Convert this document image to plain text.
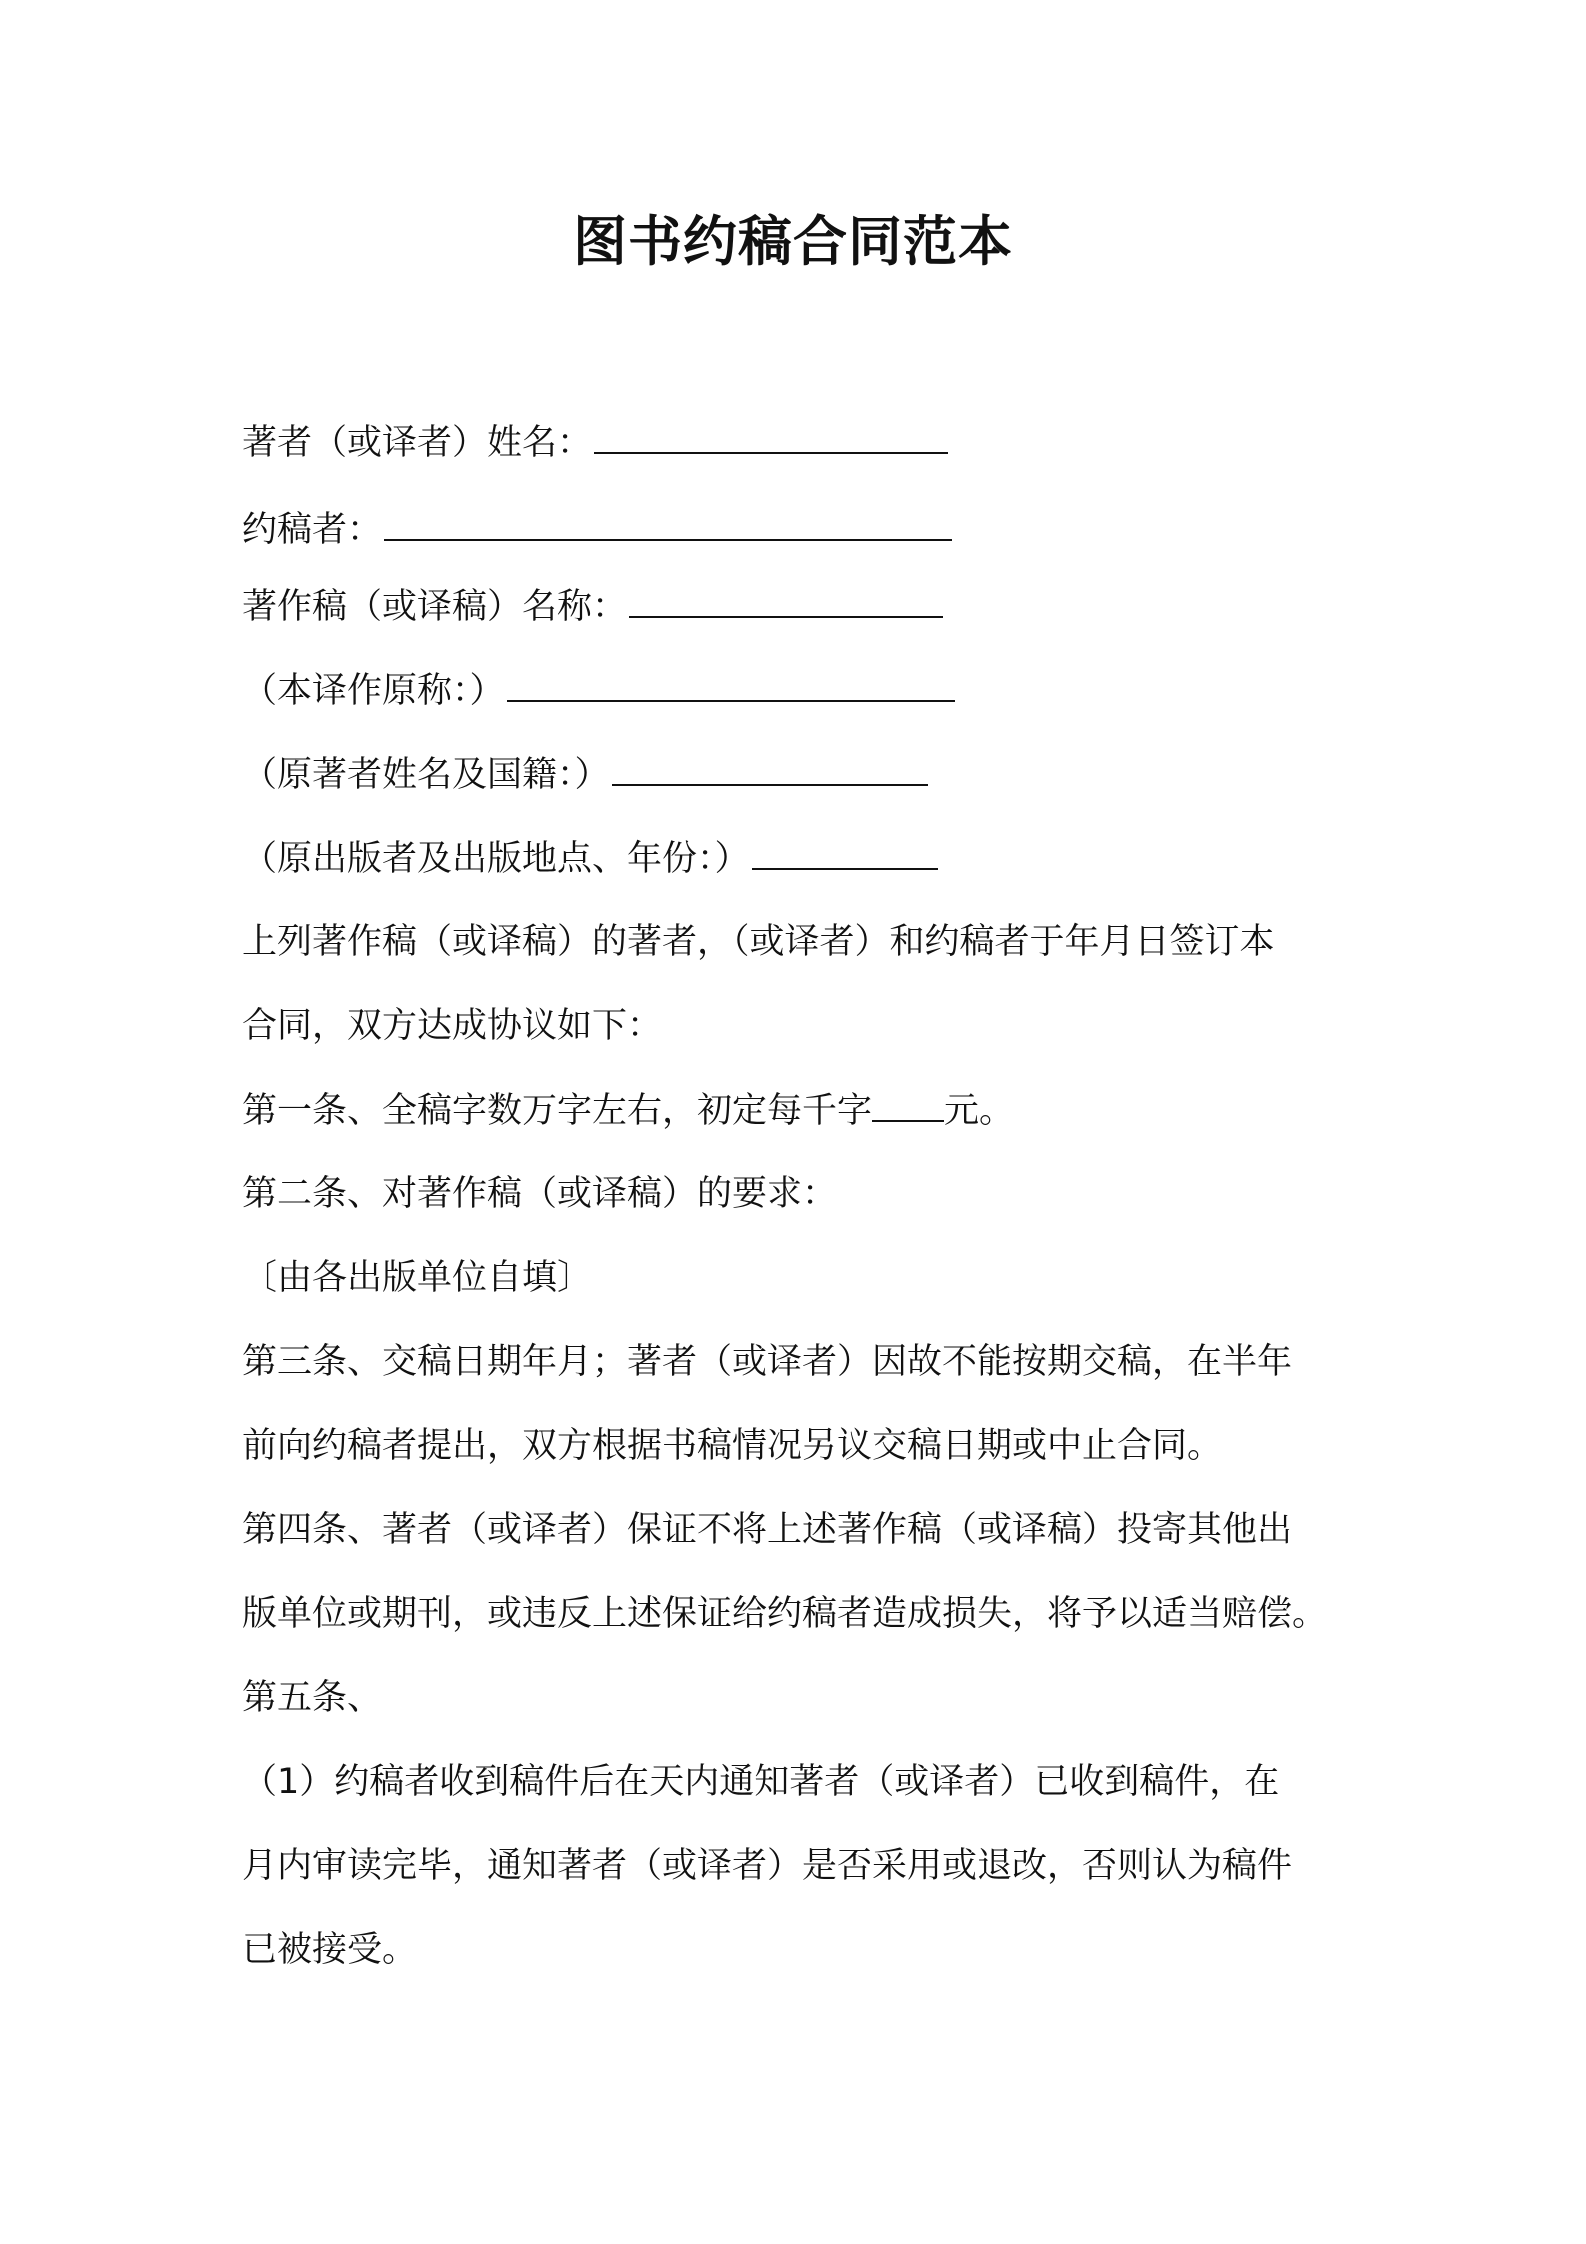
图书约稿合同范本
著者（或译者）姓名：
约稿者：
著作稿（或译稿）名称：
（本译作原称：）
（原著者姓名及国籍：）
（原出版者及出版地点、年份：）
上列著作稿（或译稿）的著者，（或译者）和约稿者于年月日签订本
合同，双方达成协议如下：
第一条、全稿字数万字左右，初定每千字 元。
第二条、对著作稿（或译稿）的要求：
〔由各出版单位自填〕
第三条、交稿日期年月；著者（或译者）因故不能按期交稿，在半年
前向约稿者提出，双方根据书稿情况另议交稿日期或中止合同。
第四条、著者（或译者）保证不将上述著作稿（或译稿）投寄其他出
版单位或期刊，或违反上述保证给约稿者造成损失，将予以适当赔偿。
第五条、
（1）约稿者收到稿件后在天内通知著者（或译者）已收到稿件，在
月内审读完毕，通知著者（或译者）是否采用或退改，否则认为稿件
已被接受。
